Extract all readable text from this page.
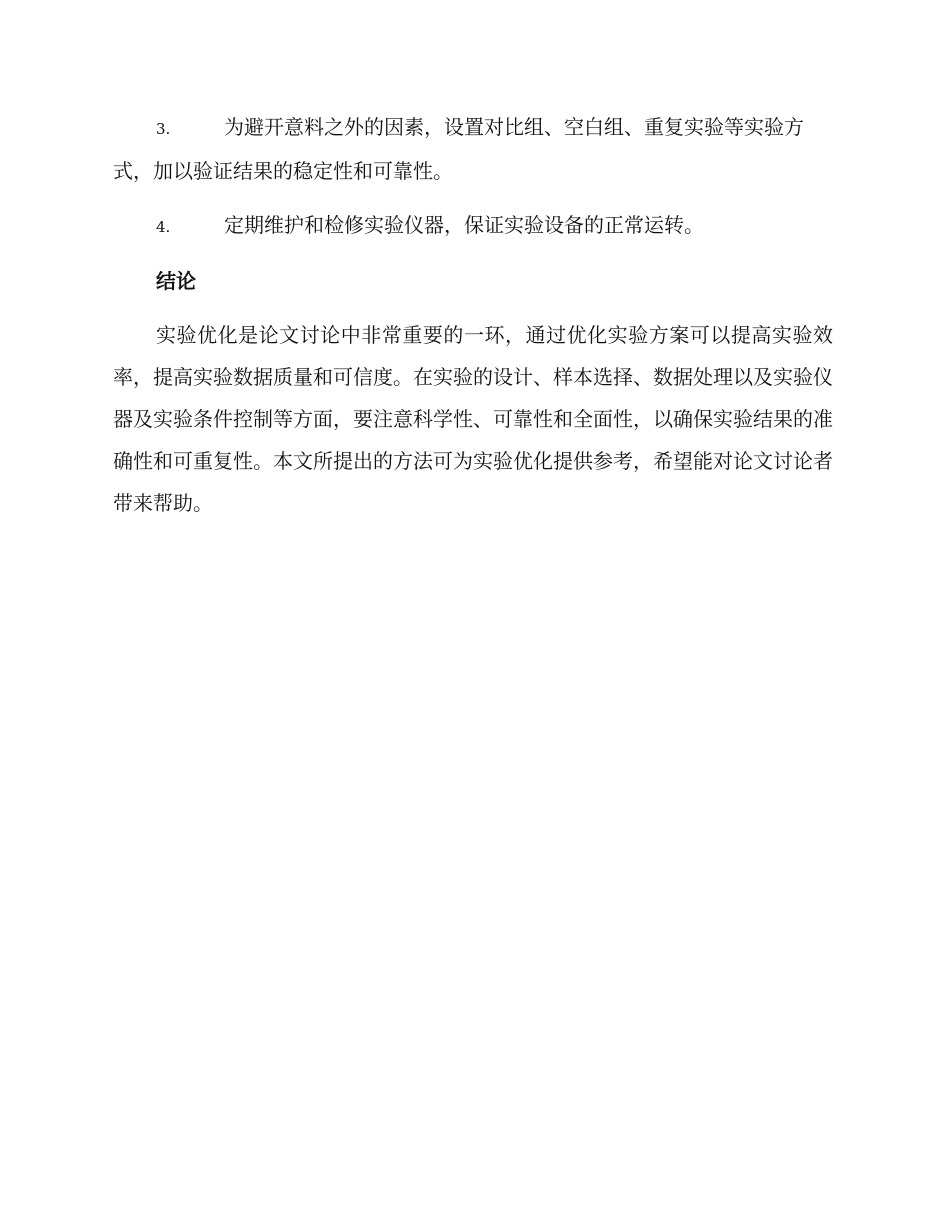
3.	为避开意料之外的因素，设置对比组、空白组、重复实验等实验方式，加以验证结果的稳定性和可靠性。

4.	定期维护和检修实验仪器，保证实验设备的正常运转。

结论

实验优化是论文讨论中非常重要的一环，通过优化实验方案可以提高实验效率，提高实验数据质量和可信度。在实验的设计、样本选择、数据处理以及实验仪器及实验条件控制等方面，要注意科学性、可靠性和全面性，以确保实验结果的准确性和可重复性。本文所提出的方法可为实验优化提供参考，希望能对论文讨论者带来帮助。
